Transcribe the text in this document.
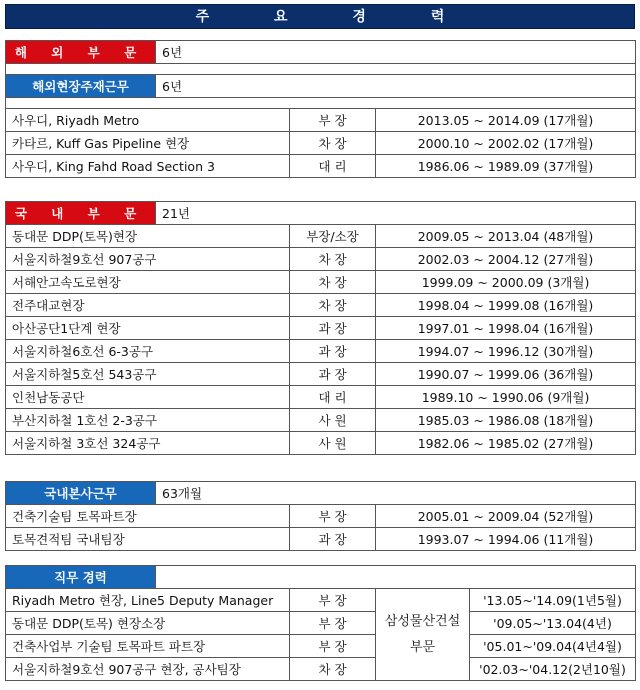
주 요 경 력
해 외 부 문	6년		

해외현장주재근무	6년		

사우디, Riyadh Metro		부 장	2013.05 ~ 2014.09 (17개월)
카타르, Kuff Gas Pipeline 현장		차 장	2000.10 ~ 2002.02 (17개월)
사우디, King Fahd Road Section 3		대 리	1986.06 ~ 1989.09 (37개월)
국 내 부 문	21년		
동대문 DDP(토목)현장		부장/소장	2009.05 ~ 2013.04 (48개월)
서울지하철9호선 907공구		차 장	2002.03 ~ 2004.12 (27개월)
서해안고속도로현장		차 장	1999.09 ~ 2000.09 (3개월)
전주대교현장		차 장	1998.04 ~ 1999.08 (16개월)
아산공단1단계 현장		과 장	1997.01 ~ 1998.04 (16개월)
서울지하철6호선 6-3공구		과 장	1994.07 ~ 1996.12 (30개월)
서울지하철5호선 543공구		과 장	1990.07 ~ 1999.06 (36개월)
인천남동공단		대 리	1989.10 ~ 1990.06 (9개월)
부산지하철 1호선 2-3공구		사 원	1985.03 ~ 1986.08 (18개월)
서울지하철 3호선 324공구		사 원	1982.06 ~ 1985.02 (27개월)
국내본사근무	63개월		
건축기술팀 토목파트장		부 장	2005.01 ~ 2009.04 (52개월)
토목견적팀 국내팀장		과 장	1993.07 ~ 1994.06 (11개월)
직무 경력				
Riyadh Metro 현장, Line5 Deputy Manager		부 장	삼성물산건설 부문	'13.05~'14.09(1년5월)
동대문 DDP(토목) 현장소장		부 장		'09.05~'13.04(4년)
건축사업부 기술팀 토목파트 파트장		부 장		'05.01~'09.04(4년4월)
서울지하철9호선 907공구 현장, 공사팀장		차 장		'02.03~'04.12(2년10월)
